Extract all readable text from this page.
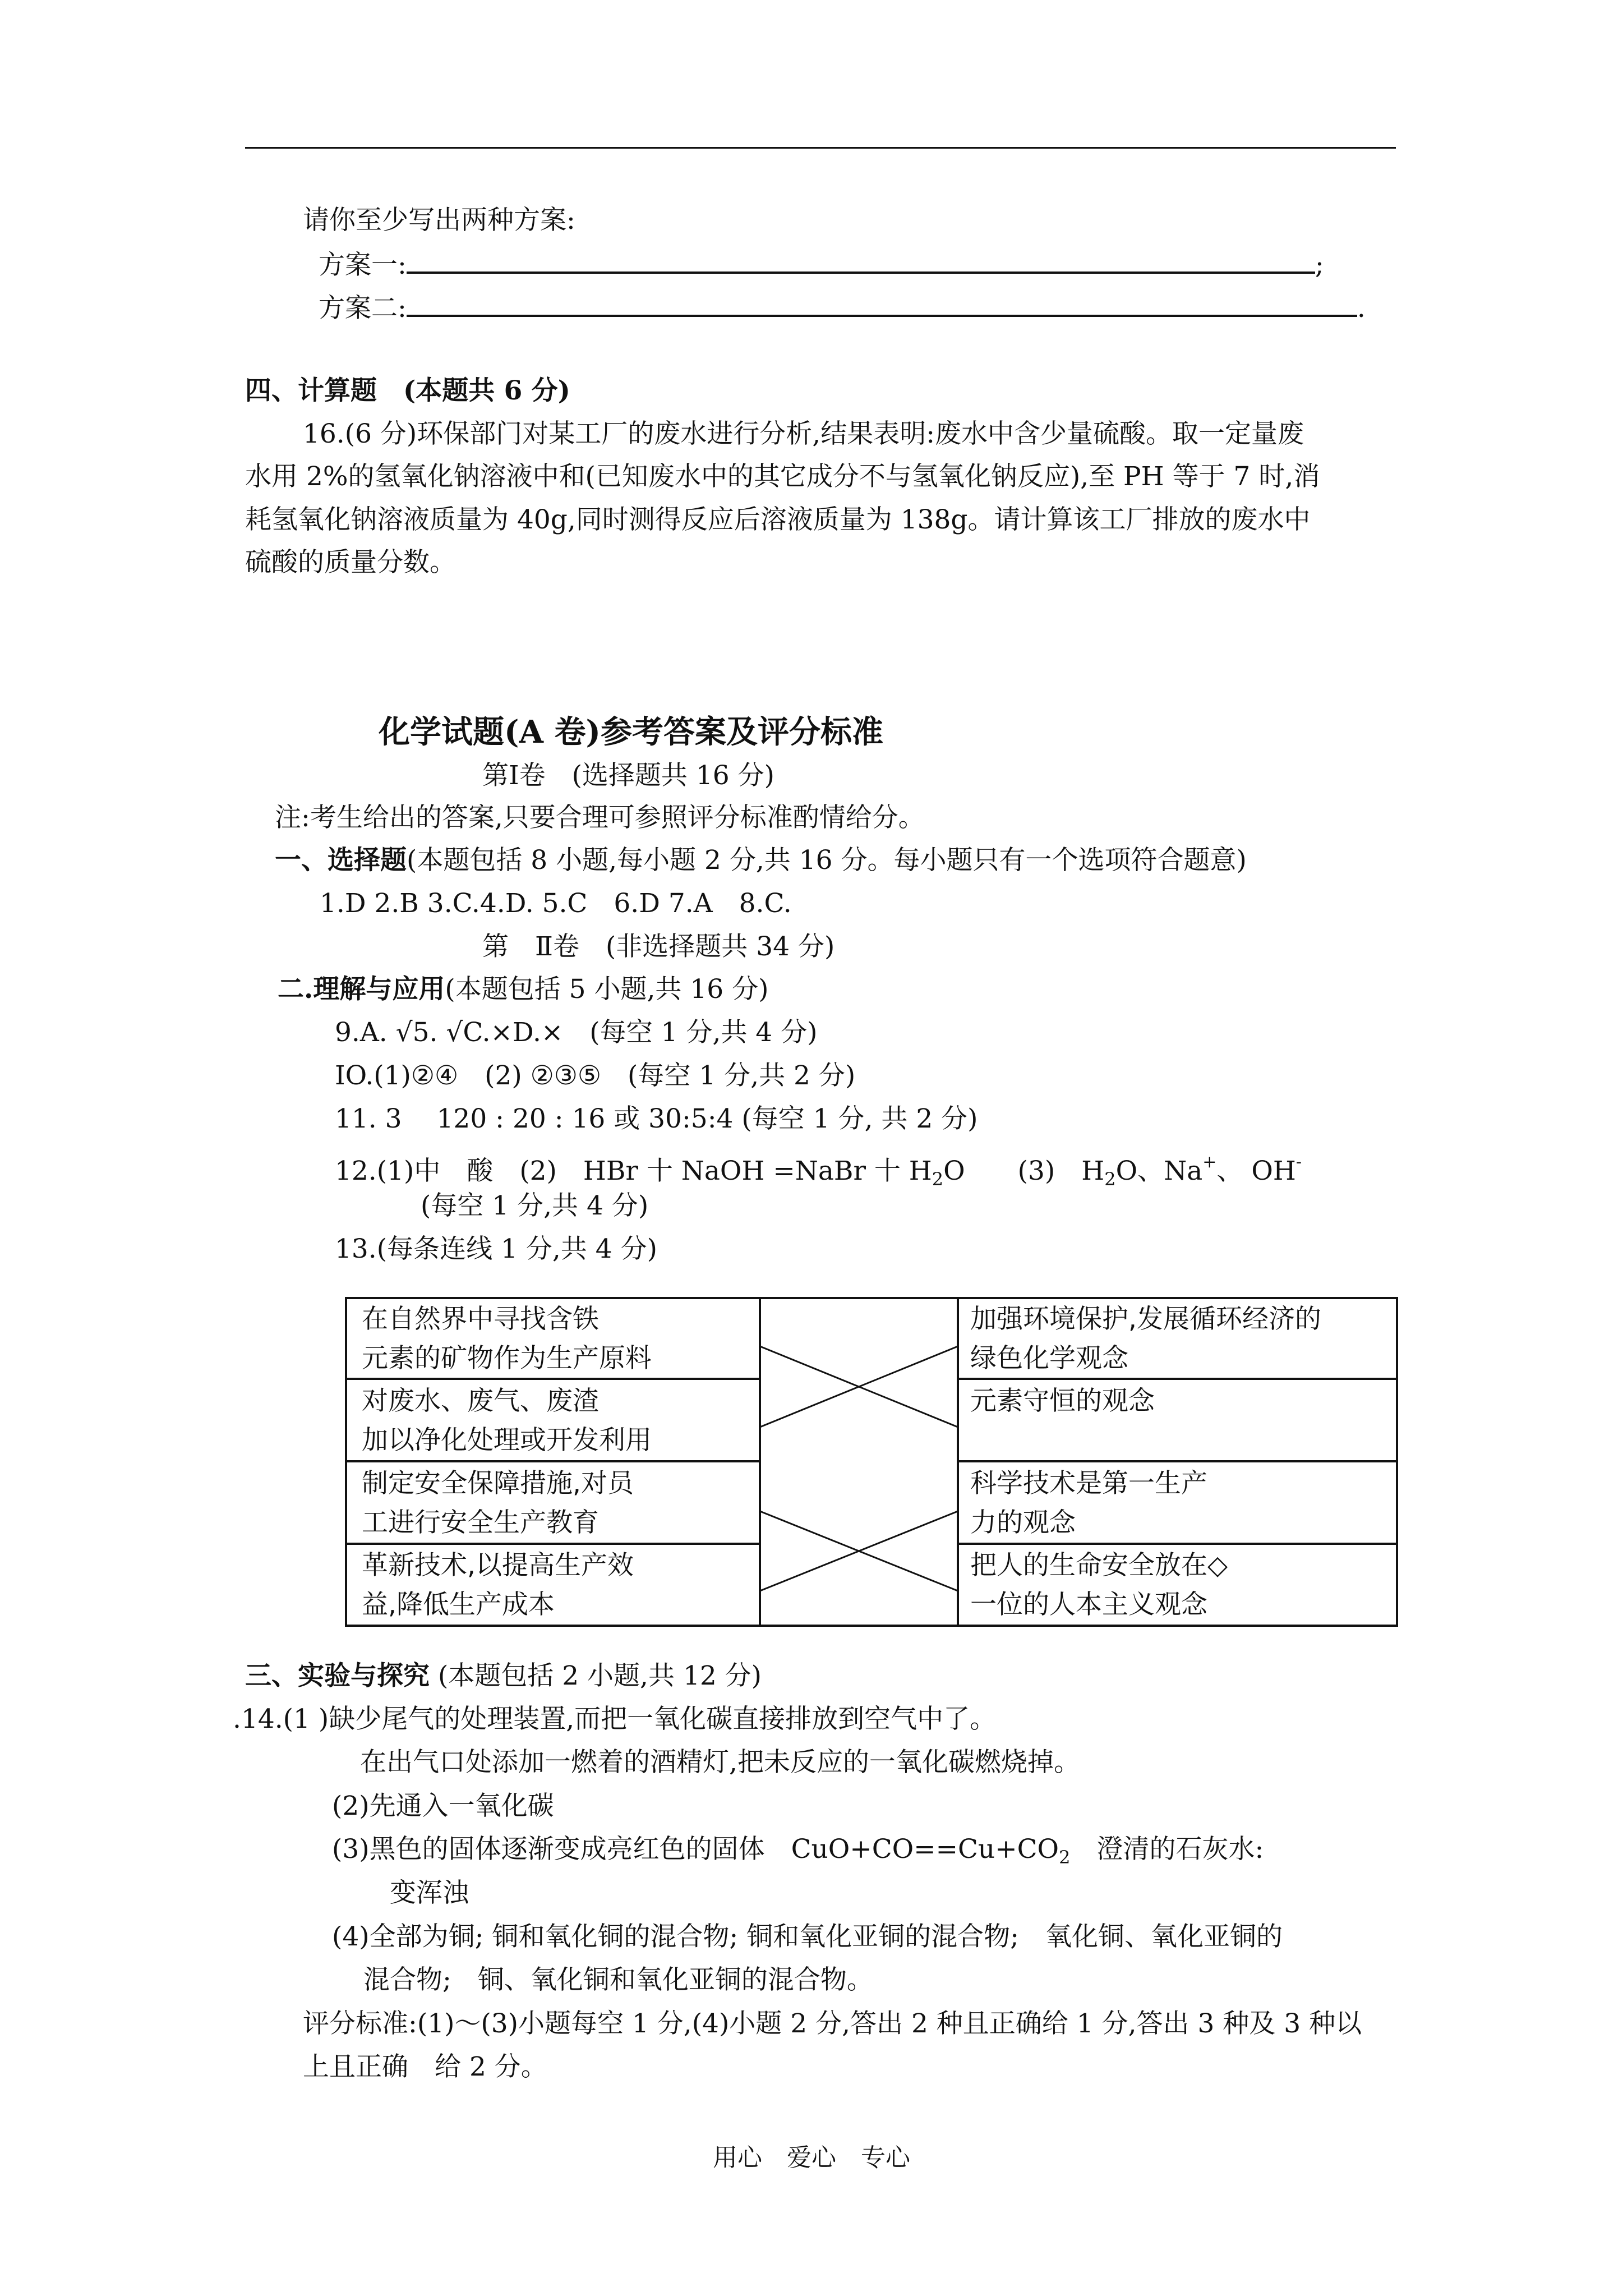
请你至少写出两种方案:
方案一:	;
方案二:	.
四、计算题　(本题共 6 分)
16.(6 分)环保部门对某工厂的废水进行分析,结果表明:废水中含少量硫酸。取一定量废
水用 2%的氢氧化钠溶液中和(已知废水中的其它成分不与氢氧化钠反应),至 PH 等于 7 时,消
耗氢氧化钠溶液质量为 40g,同时测得反应后溶液质量为 138g。请计算该工厂排放的废水中
硫酸的质量分数。
化学试题(A 卷)参考答案及评分标准
第Ⅰ卷　(选择题共 16 分)
注:考生给出的答案,只要合理可参照评分标准酌情给分。
一、选择题(本题包括 8 小题,每小题 2 分,共 16 分。每小题只有一个选项符合题意)
1.D 2.B 3.C.4.D. 5.C　6.D 7.A　8.C.
第　Ⅱ卷　(非选择题共 34 分)
二.理解与应用(本题包括 5 小题,共 16 分)
9.A. √5. √C.×D.×　(每空 1 分,共 4 分)
IO.(1)②④　(2) ②③⑤　(每空 1 分,共 2 分)
11. 3　 120 : 20 : 16 或 30:5:4 (每空 1 分, 共 2 分)
12.(1)中　酸　(2)　HBr 十 NaOH =NaBr 十 $H_2O$　　(3)　$H_2O$、Na+、 OH-
(每空 1 分,共 4 分)
13.(每条连线 1 分,共 4 分)
在自然界中寻找含铁
元素的矿物作为生产原料
对废水、废气、废渣
加以净化处理或开发利用
制定安全保障措施,对员
工进行安全生产教育
革新技术,以提高生产效
益,降低生产成本
加强环境保护,发展循环经济的
绿色化学观念
元素守恒的观念
科学技术是第一生产
力的观念
把人的生命安全放在◇
一位的人本主义观念
三、实验与探究 (本题包括 2 小题,共 12 分)
.14.(1 )缺少尾气的处理装置,而把一氧化碳直接排放到空气中了。
在出气口处添加一燃着的酒精灯,把未反应的一氧化碳燃烧掉。
(2)先通入一氧化碳
(3)黑色的固体逐渐变成亮红色的固体　$CuO+CO==Cu+CO_2$　澄清的石灰水:
变浑浊
(4)全部为铜; 铜和氧化铜的混合物; 铜和氧化亚铜的混合物;　氧化铜、氧化亚铜的
混合物;　铜、氧化铜和氧化亚铜的混合物。
评分标准:(1)～(3)小题每空 1 分,(4)小题 2 分,答出 2 种且正确给 1 分,答出 3 种及 3 种以
上且正确　给 2 分。
用心　爱心　专心
